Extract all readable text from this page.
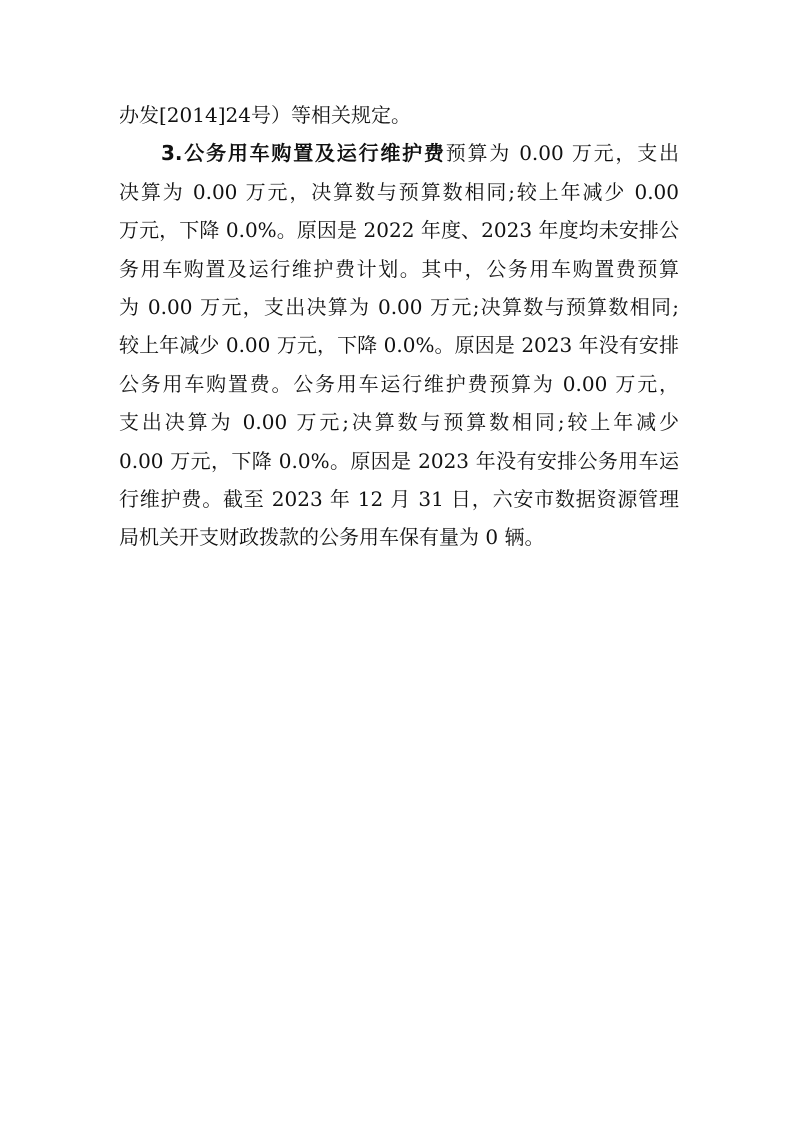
办发[2014]24号）等相关规定。
3.公务用车购置及运行维护费预算为 0.00 万元，支出
决算为 0.00 万元，决算数与预算数相同;较上年减少 0.00
万元，下降 0.0%。原因是 2022 年度、2023 年度均未安排公
务用车购置及运行维护费计划。其中，公务用车购置费预算
为 0.00 万元，支出决算为 0.00 万元;决算数与预算数相同;
较上年减少 0.00 万元，下降 0.0%。原因是 2023 年没有安排
公务用车购置费。公务用车运行维护费预算为 0.00 万元，
支出决算为 0.00 万元;决算数与预算数相同;较上年减少
0.00 万元，下降 0.0%。原因是 2023 年没有安排公务用车运
行维护费。截至 2023 年 12 月 31 日，六安市数据资源管理
局机关开支财政拨款的公务用车保有量为 0 辆。
